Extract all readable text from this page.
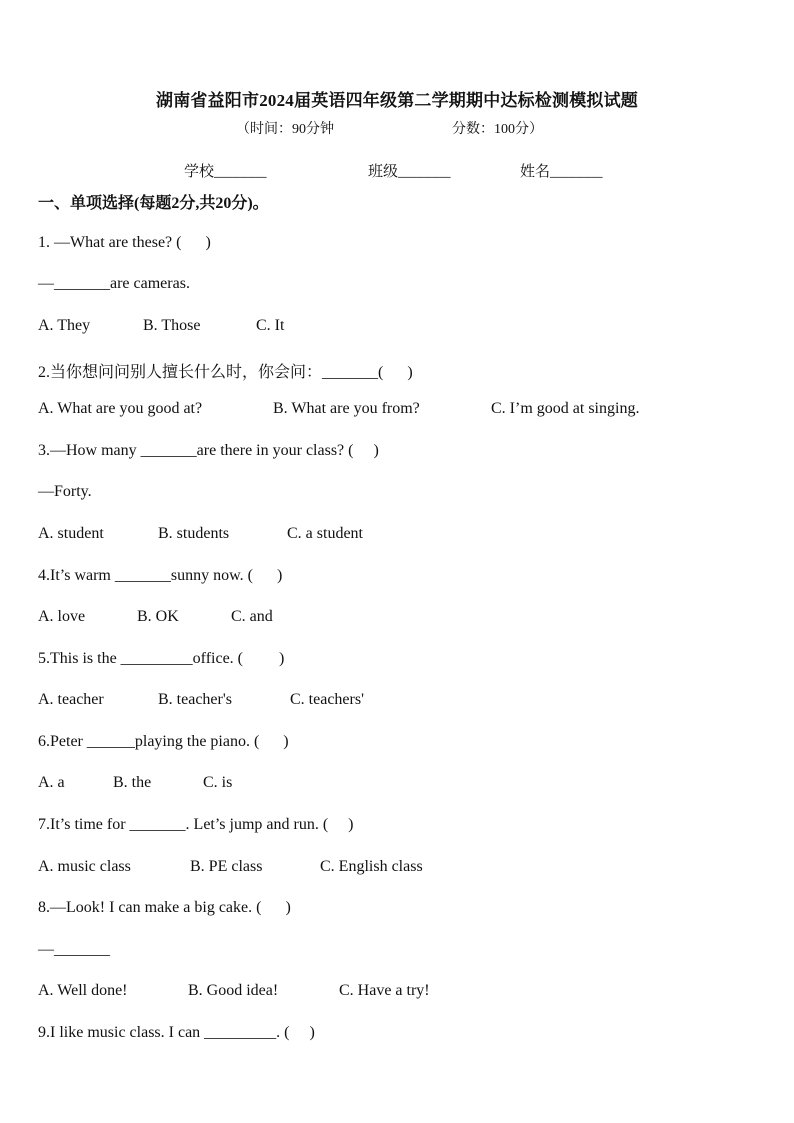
湖南省益阳市2024届英语四年级第二学期期中达标检测模拟试题
（时间：90分钟	分数：100分）
学校_______	班级_______	姓名_______
一、单项选择(每题2分,共20分)。
1. —What are these? (      )
—_______are cameras.
A. They	B. Those	C. It
2.当你想问问别人擅长什么时，你会问：_______(      )
A. What are you good at?	B. What are you from?	C. I’m good at singing.
3.—How many _______are there in your class? (     )
—Forty.
A. student	B. students	C. a student
4.It’s warm _______sunny now. (      )
A. love	B. OK	C. and
5.This is the _________office. (         )
A. teacher	B. teacher's	C. teachers'
6.Peter ______playing the piano. (      )
A. a	B. the	C. is
7.It’s time for _______. Let’s jump and run. (     )
A. music class	B. PE class	C. English class
8.—Look! I can make a big cake. (      )
—_______
A. Well done!	B. Good idea!	C. Have a try!
9.I like music class. I can _________. (     )
